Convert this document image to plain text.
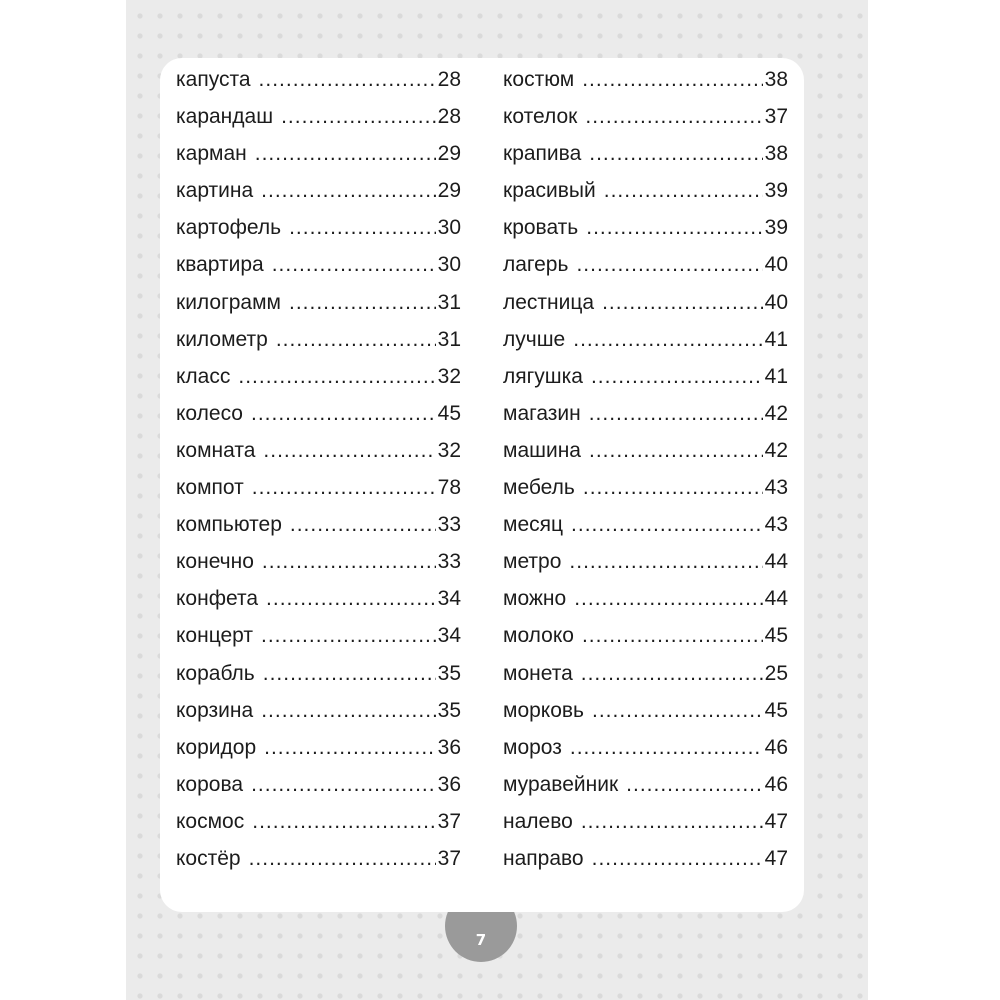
7
капуста .....	28
карандаш .....	28
карман .....	29
картина .....	29
картофель .....	30
квартира .....	30
килограмм .....	31
километр .....	31
класс .....	32
колесо .....	45
комната .....	32
компот .....	78
компьютер .....	33
конечно .....	33
конфета .....	34
концерт .....	34
корабль .....	35
корзина .....	35
коридор .....	36
корова .....	36
космос .....	37
костёр .....	37
костюм .....	38
котелок .....	37
крапива .....	38
красивый .....	39
кровать .....	39
лагерь .....	40
лестница .....	40
лучше .....	41
лягушка .....	41
магазин .....	42
машина .....	42
мебель .....	43
месяц .....	43
метро .....	44
можно .....	44
молоко .....	45
монета .....	25
морковь .....	45
мороз .....	46
муравейник .....	46
налево .....	47
направо .....	47
